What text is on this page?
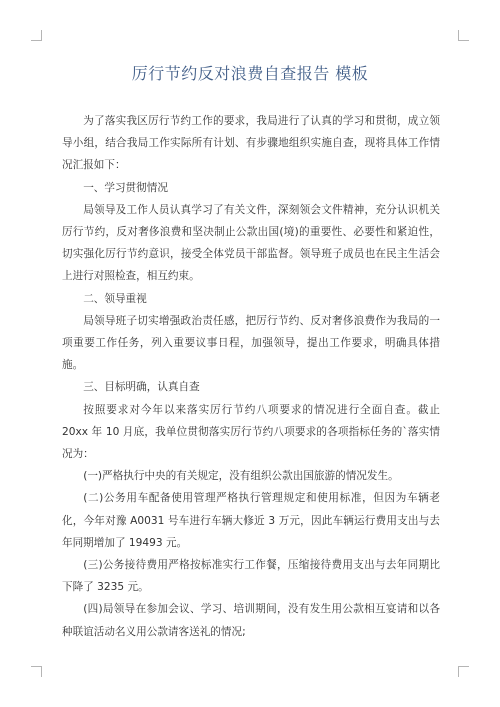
厉行节约反对浪费自查报告 模板

为了落实我区厉行节约工作的要求，我局进行了认真的学习和贯彻，成立领导小组，结合我局工作实际所有计划、有步骤地组织实施自查，现将具体工作情况汇报如下：

一、学习贯彻情况

局领导及工作人员认真学习了有关文件，深刻领会文件精神，充分认识机关厉行节约，反对奢侈浪费和坚决制止公款出国(境)的重要性、必要性和紧迫性，切实强化厉行节约意识，接受全体党员干部监督。领导班子成员也在民主生活会上进行对照检查，相互约束。

二、领导重视

局领导班子切实增强政治责任感，把厉行节约、反对奢侈浪费作为我局的一项重要工作任务，列入重要议事日程，加强领导，提出工作要求，明确具体措施。

三、目标明确，认真自查

按照要求对今年以来落实厉行节约八项要求的情况进行全面自查。截止 20xx 年 10 月底，我单位贯彻落实厉行节约八项要求的各项指标任务的`落实情况为：

(一)严格执行中央的有关规定，没有组织公款出国旅游的情况发生。

(二)公务用车配备使用管理严格执行管理规定和使用标准，但因为车辆老化，今年对豫 A0031 号车进行车辆大修近 3 万元，因此车辆运行费用支出与去年同期增加了 19493 元。

(三)公务接待费用严格按标准实行工作餐，压缩接待费用支出与去年同期比下降了 3235 元。

(四)局领导在参加会议、学习、培训期间，没有发生用公款相互宴请和以各种联谊活动名义用公款请客送礼的情况;
